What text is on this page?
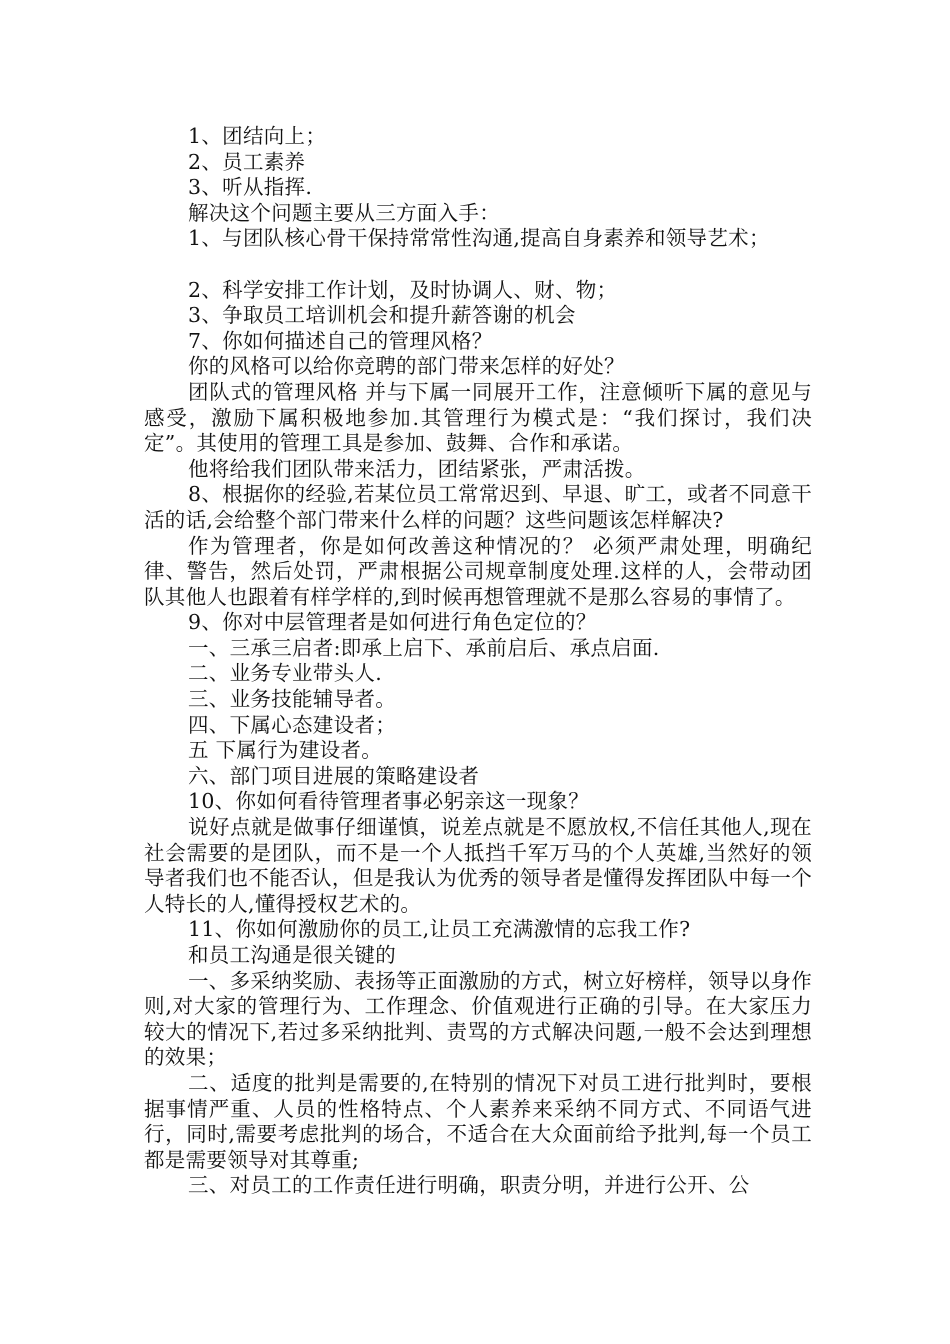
1、团结向上；

2、员工素养

3、听从指挥.

解决这个问题主要从三方面入手：

1、与团队核心骨干保持常常性沟通,提高自身素养和领导艺术；

2、科学安排工作计划，及时协调人、财、物；

3、争取员工培训机会和提升薪答谢的机会

7、你如何描述自己的管理风格？

你的风格可以给你竞聘的部门带来怎样的好处？

团队式的管理风格 并与下属一同展开工作，注意倾听下属的意见与感受，激励下属积极地参加.其管理行为模式是：“我们探讨，我们决定”。其使用的管理工具是参加、鼓舞、合作和承诺。

他将给我们团队带来活力，团结紧张，严肃活拨。

8、根据你的经验,若某位员工常常迟到、早退、旷工，或者不同意干活的话,会给整个部门带来什么样的问题？这些问题该怎样解决?

作为管理者，你是如何改善这种情况的？ 必须严肃处理，明确纪律、警告，然后处罚，严肃根据公司规章制度处理.这样的人，会带动团队其他人也跟着有样学样的,到时候再想管理就不是那么容易的事情了。

9、你对中层管理者是如何进行角色定位的？

一、三承三启者:即承上启下、承前启后、承点启面.

二、业务专业带头人.

三、业务技能辅导者。

四、下属心态建设者；

五 下属行为建设者。

六、部门项目进展的策略建设者

10、你如何看待管理者事必躬亲这一现象？

说好点就是做事仔细谨慎，说差点就是不愿放权,不信任其他人,现在社会需要的是团队，而不是一个人抵挡千军万马的个人英雄,当然好的领导者我们也不能否认，但是我认为优秀的领导者是懂得发挥团队中每一个人特长的人,懂得授权艺术的。

11、你如何激励你的员工,让员工充满激情的忘我工作?

和员工沟通是很关键的

一、多采纳奖励、表扬等正面激励的方式，树立好榜样，领导以身作则,对大家的管理行为、工作理念、价值观进行正确的引导。在大家压力较大的情况下,若过多采纳批判、责骂的方式解决问题,一般不会达到理想的效果；

二、适度的批判是需要的,在特别的情况下对员工进行批判时，要根据事情严重、人员的性格特点、个人素养来采纳不同方式、不同语气进行，同时,需要考虑批判的场合，不适合在大众面前给予批判,每一个员工都是需要领导对其尊重;

三、对员工的工作责任进行明确，职责分明，并进行公开、公
